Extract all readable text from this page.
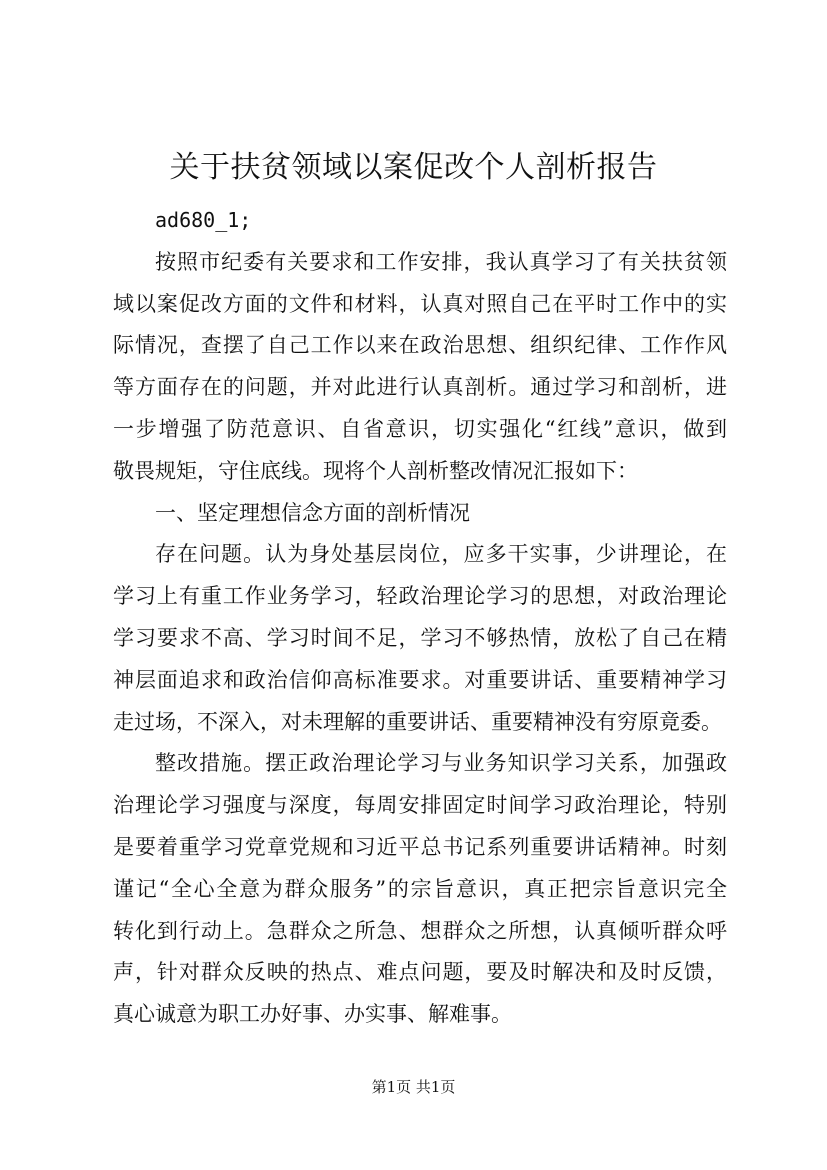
关于扶贫领域以案促改个人剖析报告
ad680_1;
按照市纪委有关要求和工作安排，我认真学习了有关扶贫领
域以案促改方面的文件和材料，认真对照自己在平时工作中的实
际情况，查摆了自己工作以来在政治思想、组织纪律、工作作风
等方面存在的问题，并对此进行认真剖析。通过学习和剖析，进
一步增强了防范意识、自省意识，切实强化“红线”意识，做到
敬畏规矩，守住底线。现将个人剖析整改情况汇报如下：
一、坚定理想信念方面的剖析情况
存在问题。认为身处基层岗位，应多干实事，少讲理论，在
学习上有重工作业务学习，轻政治理论学习的思想，对政治理论
学习要求不高、学习时间不足，学习不够热情，放松了自己在精
神层面追求和政治信仰高标准要求。对重要讲话、重要精神学习
走过场，不深入，对未理解的重要讲话、重要精神没有穷原竟委。
整改措施。摆正政治理论学习与业务知识学习关系，加强政
治理论学习强度与深度，每周安排固定时间学习政治理论，特别
是要着重学习党章党规和习近平总书记系列重要讲话精神。时刻
谨记“全心全意为群众服务”的宗旨意识，真正把宗旨意识完全
转化到行动上。急群众之所急、想群众之所想，认真倾听群众呼
声，针对群众反映的热点、难点问题，要及时解决和及时反馈，
真心诚意为职工办好事、办实事、解难事。
第1页 共1页
